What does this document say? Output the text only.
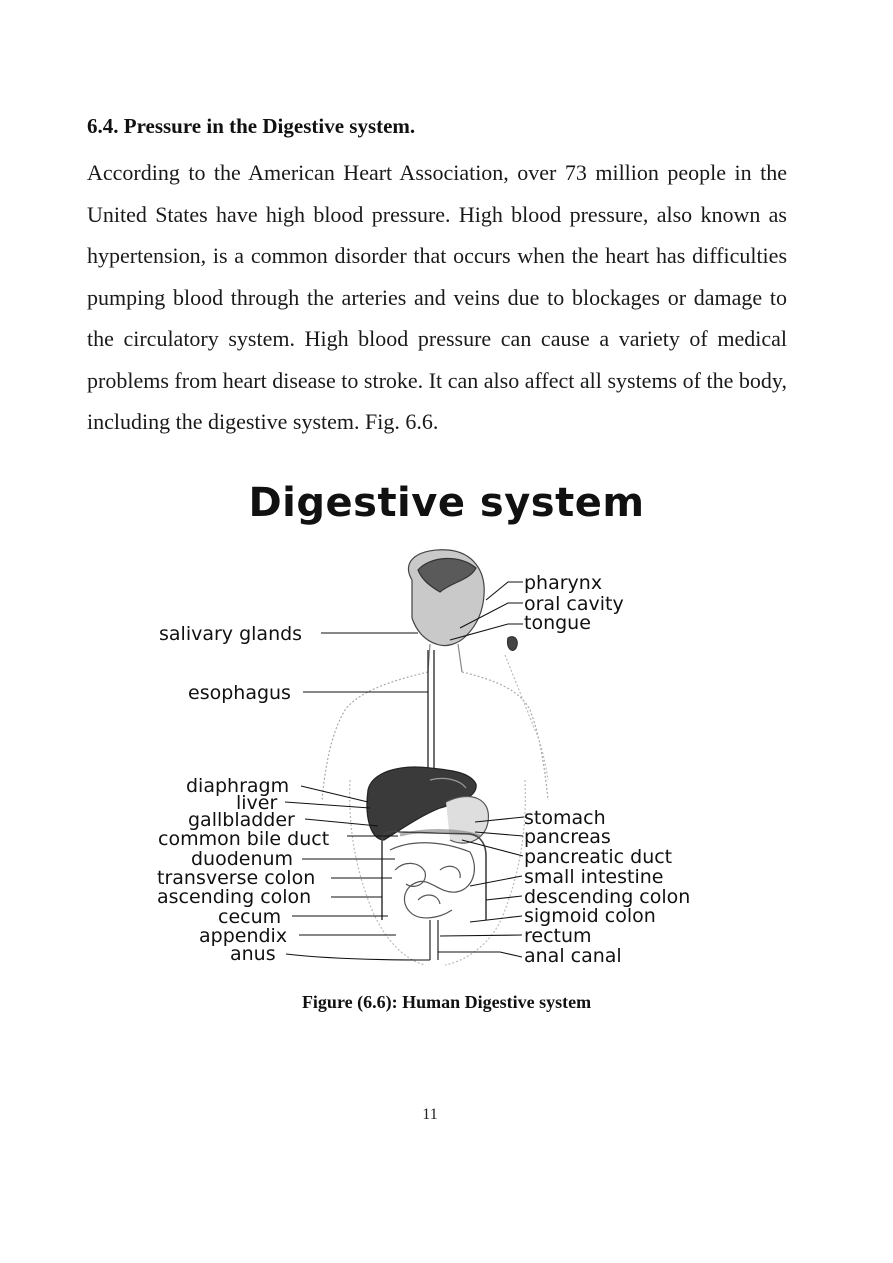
6.4. Pressure in the Digestive system.
According to the American Heart Association, over 73 million people in the United States have high blood pressure. High blood pressure, also known as hypertension, is a common disorder that occurs when the heart has difficulties pumping blood through the arteries and veins due to blockages or damage to the circulatory system. High blood pressure can cause a variety of medical problems from heart disease to stroke. It can also affect all systems of the body, including the digestive system. Fig. 6.6.
Digestive system
salivary glands
esophagus
diaphragm
liver
gallbladder
common bile duct
duodenum
transverse colon
ascending colon
cecum
appendix
anus
pharynx
oral cavity
tongue
stomach
pancreas
pancreatic duct
small intestine
descending colon
sigmoid colon
rectum
anal canal
Figure (6.6): Human Digestive system
11
